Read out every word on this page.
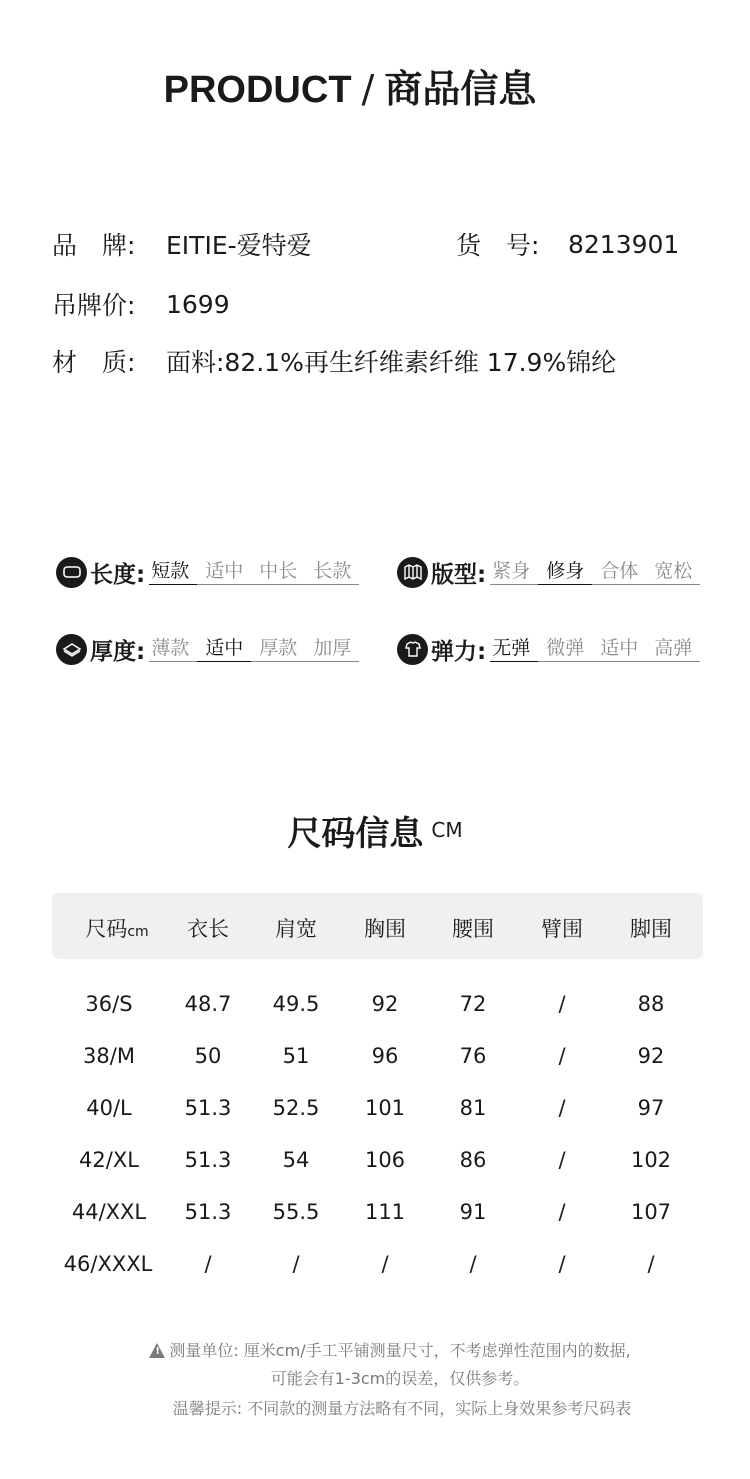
PRODUCT / 商品信息
品　牌:	EITIE-爱特爱	货　号:	8213901
吊牌价:	1699
材　质:	面料:82.1%再生纤维素纤维 17.9%锦纶
长度: 短款 适中 中长 长款	版型: 紧身 修身 合体 宽松
厚度: 薄款 适中 厚款 加厚	弹力: 无弹 微弹 适中 高弹
尺码信息 $^{CM}$
尺码cm	衣长	肩宽	胸围	腰围	臂围	脚围
36/S	48.7	49.5	92	72	/	88
38/M	50	51	96	76	/	92
40/L	51.3	52.5	101	81	/	97
42/XL	51.3	54	106	86	/	102
44/XXL	51.3	55.5	111	91	/	107
46/XXXL	/	/	/	/	/	/
! 测量单位: 厘米cm/手工平铺测量尺寸，不考虑弹性范围内的数据,
可能会有1-3cm的误差，仅供参考。
温馨提示: 不同款的测量方法略有不同，实际上身效果参考尺码表
